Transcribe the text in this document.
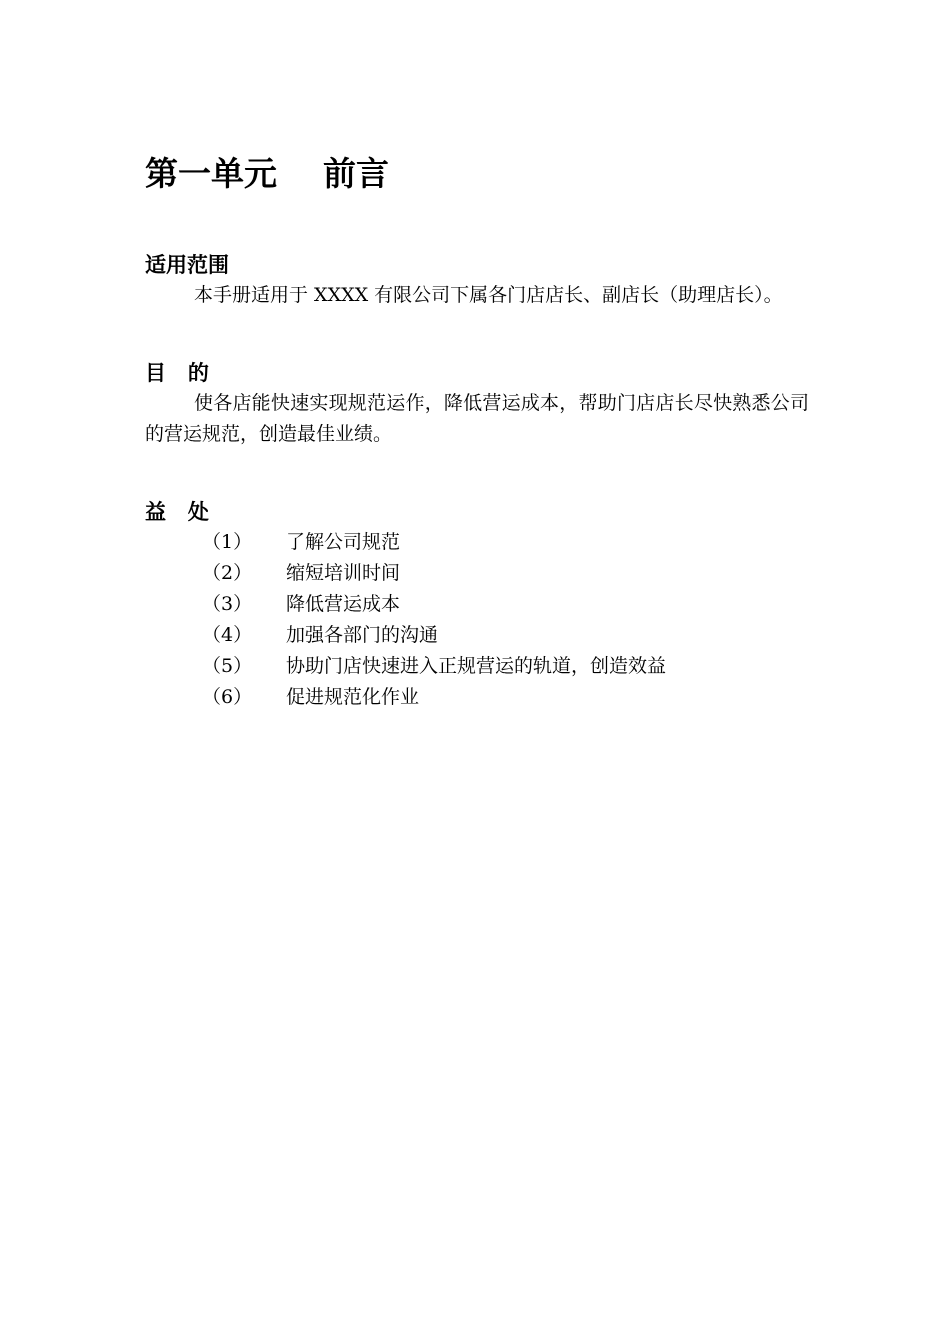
第一单元    前言
适用范围

本手册适用于 XXXX 有限公司下属各门店店长、副店长（助理店长）。

目   的

使各店能快速实现规范运作，降低营运成本，帮助门店店长尽快熟悉公司的营运规范，创造最佳业绩。

益   处
（1）	了解公司规范
（2）	缩短培训时间
（3）	降低营运成本
（4）	加强各部门的沟通
（5）	协助门店快速进入正规营运的轨道，创造效益
（6）	促进规范化作业
